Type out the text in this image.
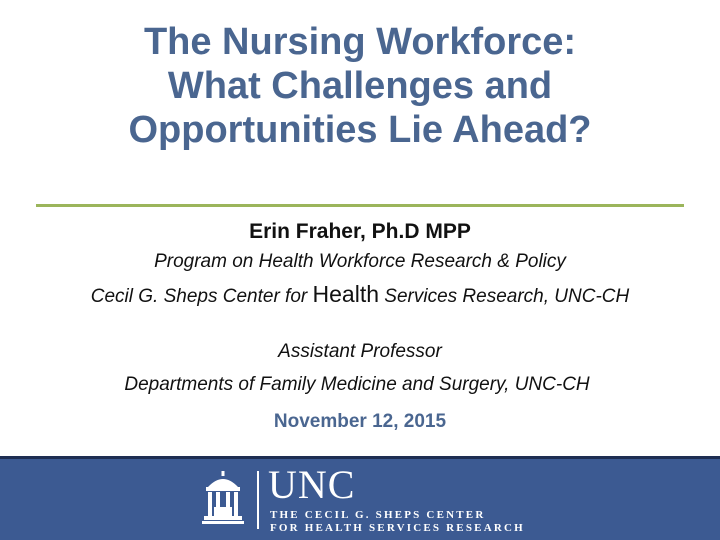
The Nursing Workforce:
What Challenges and
Opportunities Lie Ahead?
Erin Fraher, Ph.D MPP
Program on Health Workforce Research & Policy
Cecil G. Sheps Center for Health Services Research, UNC-CH
Assistant Professor
Departments of Family Medicine and Surgery, UNC-CH
November 12, 2015
UNC
THE CECIL G. SHEPS CENTER
FOR HEALTH SERVICES RESEARCH
